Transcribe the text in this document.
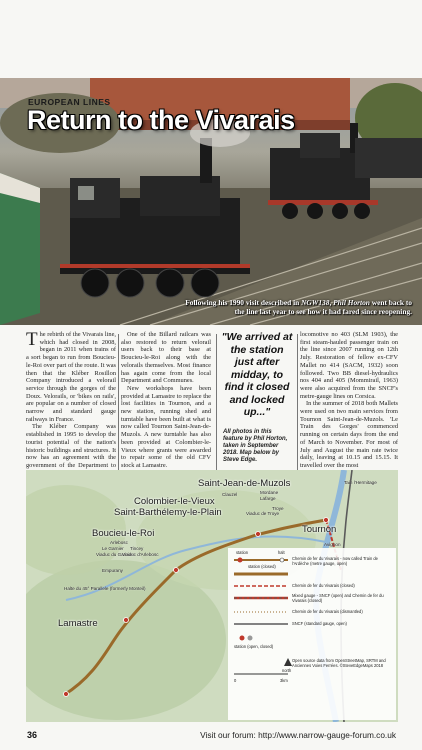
EUROPEAN LINES
Return to the Vivarais
Following his 1990 visit described in NGW138, Phil Horton went back to the line last year to see how it had fared since reopening.

The rebirth of the Vivarais line, which had closed in 2008, began in 2011 when trains of a sort began to run from Boucieu-le-Roi over part of the route. It was then that the Kléber Rosillon Company introduced a velorail service through the gorges of the Doux. Velorails, or 'bikes on rails', are popular on a number of closed narrow and standard gauge railways in France.

The Kléber Company was established in 1995 to develop the tourist potential of the nation's historic buildings and structures. It now has an agreement with the government of the Department to

One of the Billard railcars was also restored to return velorail users back to their base at Boucieu-le-Roi along with the velorails themselves. Most finance has again come from the local Department and Communes.

New workshops have been provided at Lamastre to replace the lost facilities in Tournon, and a new station, running shed and turntable have been built at what is now called Tournon Saint-Jean-de-Muzols. A new turntable has also been provided at Colombier-le-Vieux where grants were awarded to repair some of the old CFV stock at Lamastre.

"We arrived at the station just after midday, to find it closed and locked up..."

All photos in this feature by Phil Horton, taken in September 2018. Map below by Steve Edge.

locomotive no 403 (SLM 1903), the first steam-hauled passenger train on the line since 2007 running on 12th July. Restoration of fellow ex-CFV Mallet no 414 (SACM, 1932) soon followed. Two BB diesel-hydraulics nos 404 and 405 (Mommirail, 1963) were also acquired from the SNCF's metre-gauge lines on Corsica.

In the summer of 2018 both Mallets were used on two main services from Tournon Saint-Jean-de-Muzols. 'Le Train des Gorges' commenced running on certain days from the end of March to November. For most of July and August the main rate twice daily, leaving at 10.15 and 15.15. It travelled over the most

Saint-Jean-de-Muzols
Colombier-le-Vieux
Saint-Barthélemy-le-Plain
Boucieu-le-Roi	Tournon
Lamastre
Clauzel	Mordane
Lafarge
Troye
Viaduc de Troye
Arlebosc
Le Garnier
Viaduc du Garnier
Tincey
Viaduc d'Arlebosc
Empurany
Halte du 45° Parallele (formerly Monteil)
Tain l'Hermitage
Avignon
station	halt
station (closed)
Chemin de fer du Vivarais - now called Train de l'Ardèche (metre gauge, open)
Chemin de fer du Vivarais (closed)
Mixed gauge - SNCF (open) and Chemin de fer du Vivarais (closed)
Chemin de fer du Vivarais (dismantled)
SNCF (standard gauge, open)
station (open, closed)
north
0	3km
Open source data from OpenStreetMap, SRTM and Anciennes Voies Ferrées. ©SteveEdgeMaps 2018
36	Visit our forum: http://www.narrow-gauge-forum.co.uk
